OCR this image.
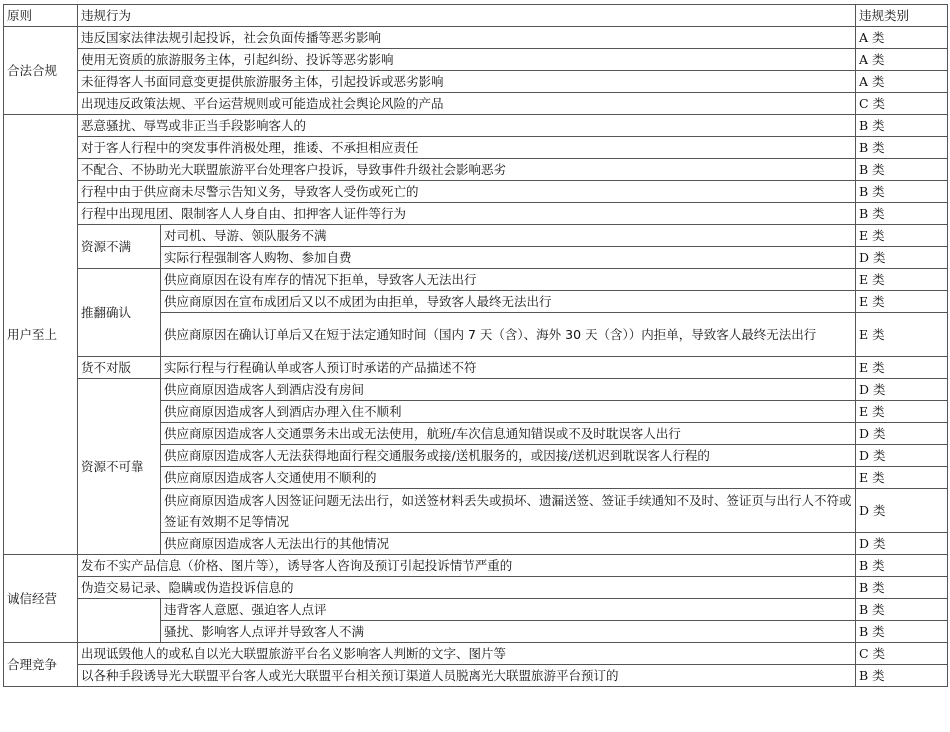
原则	违规行为		违规类别
合法合规	违反国家法律法规引起投诉，社会负面传播等恶劣影响		A 类
	使用无资质的旅游服务主体，引起纠纷、投诉等恶劣影响		A 类
	未征得客人书面同意变更提供旅游服务主体，引起投诉或恶劣影响		A 类
	出现违反政策法规、平台运营规则或可能造成社会舆论风险的产品		C 类
用户至上	恶意骚扰、辱骂或非正当手段影响客人的		B 类
	对于客人行程中的突发事件消极处理，推诿、不承担相应责任		B 类
	不配合、不协助光大联盟旅游平台处理客户投诉，导致事件升级社会影响恶劣		B 类
	行程中由于供应商未尽警示告知义务，导致客人受伤或死亡的		B 类
	行程中出现甩团、限制客人人身自由、扣押客人证件等行为		B 类
	资源不满	对司机、导游、领队服务不满	E 类
		实际行程强制客人购物、参加自费	D 类
	推翻确认	供应商原因在设有库存的情况下拒单，导致客人无法出行	E 类
		供应商原因在宣布成团后又以不成团为由拒单，导致客人最终无法出行	E 类
		供应商原因在确认订单后又在短于法定通知时间（国内 7 天（含）、海外 30 天（含））内拒单，导致客人最终无法出行	E 类
	货不对版	实际行程与行程确认单或客人预订时承诺的产品描述不符	E 类
	资源不可靠	供应商原因造成客人到酒店没有房间	D 类
		供应商原因造成客人到酒店办理入住不顺利	E 类
		供应商原因造成客人交通票务未出或无法使用，航班/车次信息通知错误或不及时耽误客人出行	D 类
		供应商原因造成客人无法获得地面行程交通服务或接/送机服务的，或因接/送机迟到耽误客人行程的	D 类
		供应商原因造成客人交通使用不顺利的	E 类
		供应商原因造成客人因签证问题无法出行，如送签材料丢失或损坏、遗漏送签、签证手续通知不及时、签证页与出行人不符或签证有效期不足等情况	D 类
		供应商原因造成客人无法出行的其他情况	D 类
诚信经营	发布不实产品信息（价格、图片等），诱导客人咨询及预订引起投诉情节严重的		B 类
	伪造交易记录、隐瞒或伪造投诉信息的		B 类
		违背客人意愿、强迫客人点评	B 类
		骚扰、影响客人点评并导致客人不满	B 类
合理竞争	出现诋毁他人的或私自以光大联盟旅游平台名义影响客人判断的文字、图片等		C 类
	以各种手段诱导光大联盟平台客人或光大联盟平台相关预订渠道人员脱离光大联盟旅游平台预订的		B 类
